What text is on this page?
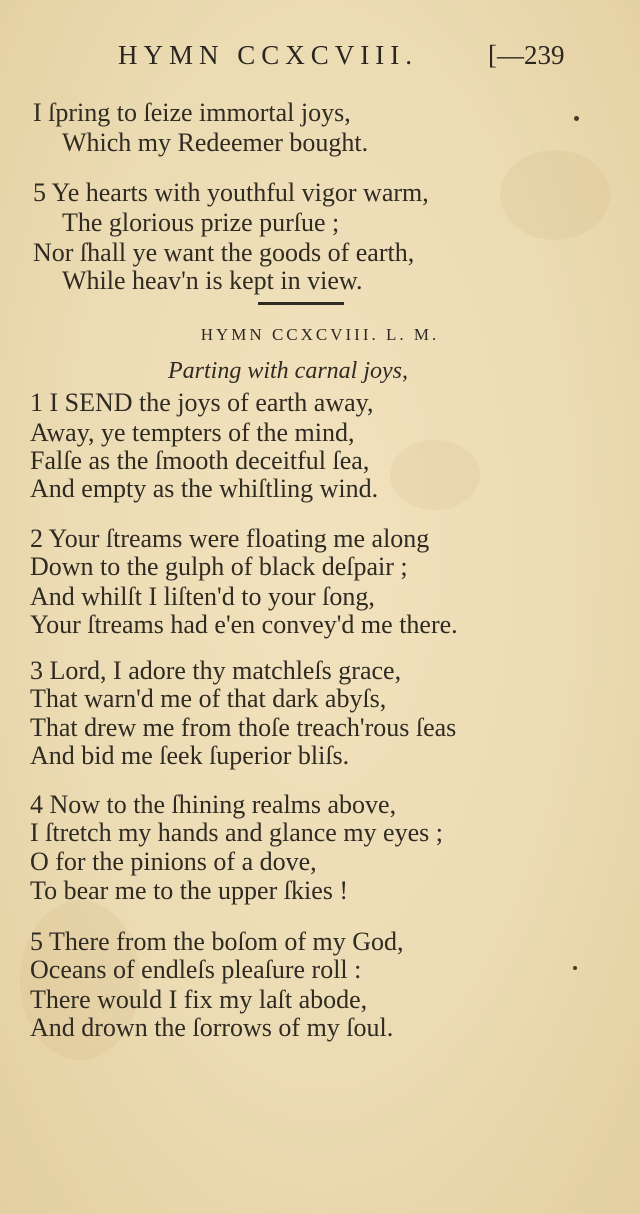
HYMN CCXCVIII.	[—239
I ſpring to ſeize immortal joys,
Which my Redeemer bought.
5 Ye hearts with youthful vigor warm,
The glorious prize purſue ;
Nor ſhall ye want the goods of earth,
While heav'n is kept in view.
HYMN CCXCVIII. L. M.
Parting with carnal joys,
1 I SEND the joys of earth away,
Away, ye tempters of the mind,
Falſe as the ſmooth deceitful ſea,
And empty as the whiſtling wind.
2 Your ſtreams were floating me along
Down to the gulph of black deſpair ;
And whilſt I liſten'd to your ſong,
Your ſtreams had e'en convey'd me there.
3 Lord, I adore thy matchleſs grace,
That warn'd me of that dark abyſs,
That drew me from thoſe treach'rous ſeas
And bid me ſeek ſuperior bliſs.
4 Now to the ſhining realms above,
I ſtretch my hands and glance my eyes ;
O for the pinions of a dove,
To bear me to the upper ſkies !
5 There from the boſom of my God,
Oceans of endleſs pleaſure roll :
There would I fix my laſt abode,
And drown the ſorrows of my ſoul.
